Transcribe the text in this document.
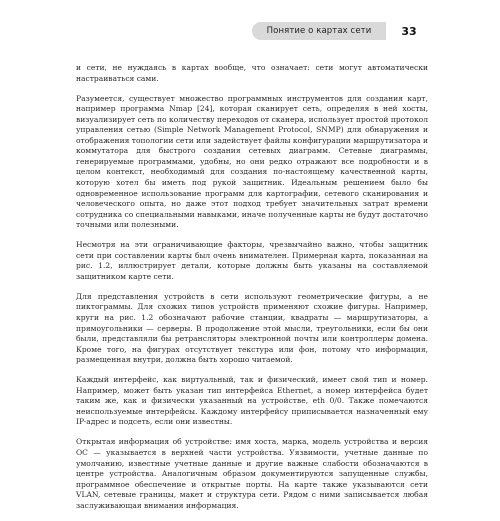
Понятие о картах сети	33

и сети, не нуждаясь в картах вообще, что означает: сети могут автоматически настраиваться сами.

Разумеется, существует множество программных инструментов для создания карт, например программа Nmap [24], которая сканирует сеть, определяя в ней хосты, визуализирует сеть по количеству переходов от сканера, использует простой протокол управления сетью (Simple Network Management Protocol, SNMP) для обнаружения и отображения топологии сети или задействует файлы конфигурации маршрутизатора и коммутатора для быстрого создания сетевых диаграмм. Сетевые диаграммы, генерируемые программами, удобны, но они редко отражают все подробности и в целом контекст, необходимый для создания по-настоящему качественной карты, которую хотел бы иметь под рукой защитник. Идеальным решением было бы одновременное использование программ для картографии, сетевого сканирования и человеческого опыта, но даже этот подход требует значительных затрат времени сотрудника со специальными навыками, иначе полученные карты не будут достаточно точными или полезными.

Несмотря на эти ограничивающие факторы, чрезвычайно важно, чтобы защитник сети при составлении карты был очень внимателен. Примерная карта, показанная на рис. 1.2, иллюстрирует детали, которые должны быть указаны на составляемой защитником карте сети.

Для представления устройств в сети используют геометрические фигуры, а не пиктограммы. Для схожих типов устройств применяют схожие фигуры. Например, круги на рис. 1.2 обозначают рабочие станции, квадраты — маршрутизаторы, а прямоугольники — серверы. В продолжение этой мысли, треугольники, если бы они были, представляли бы ретрансляторы электронной почты или контроллеры домена. Кроме того, на фигурах отсутствует текстура или фон, потому что информация, размещенная внутри, должна быть хорошо читаемой.

Каждый интерфейс, как виртуальный, так и физический, имеет свой тип и номер. Например, может быть указан тип интерфейса Ethernet, а номер интерфейса будет таким же, как и физически указанный на устройстве, eth 0/0. Также помечаются неиспользуемые интерфейсы. Каждому интерфейсу приписывается назначенный ему IP-адрес и подсеть, если они известны.

Открытая информация об устройстве: имя хоста, марка, модель устройства и версия ОС — указывается в верхней части устройства. Уязвимости, учетные данные по умолчанию, известные учетные данные и другие важные слабости обозначаются в центре устройства. Аналогичным образом документируются запущенные службы, программное обеспечение и открытые порты. На карте также указываются сети VLAN, сетевые границы, макет и структура сети. Рядом с ними записывается любая заслуживающая внимания информация.
